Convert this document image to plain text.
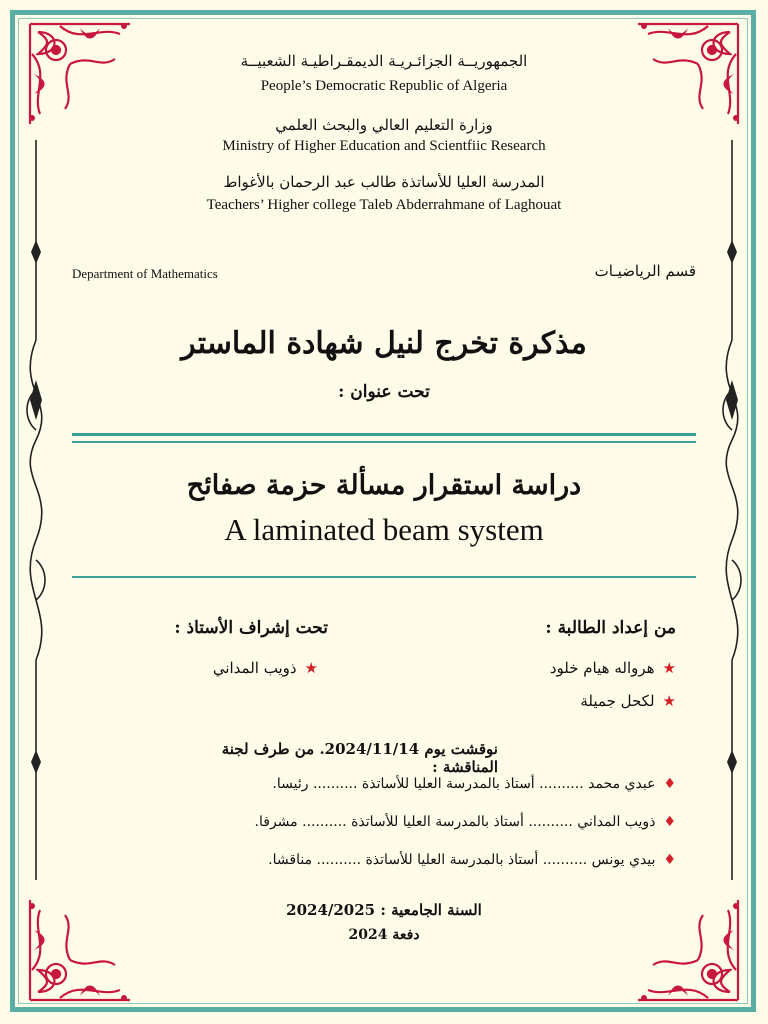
الجمهوريــة الجزائـريـة الديمقـراطيـة الشعبيــة
People’s Democratic Republic of Algeria
وزارة التعليم العالي والبحث العلمي
Ministry of Higher Education and Scientfiic Research
المدرسة العليا للأساتذة طالب عبد الرحمان بالأغواط
Teachers’ Higher college Taleb Abderrahmane of Laghouat
Department of Mathematics	قسم الرياضيـات
مذكرة تخرج لنيل شهادة الماستر
تحت عنوان :
دراسة استقرار مسألة حزمة صفائح
A laminated beam system
من إعداد الطالبة :
★هرواله هيام خلود
★لكحل جميلة
تحت إشراف الأستاذ :
★ذويب المداني
نوقشت يوم 2024/11/14. من طرف لجنة المناقشة :
♦عبدي محمد .......... أستاذ بالمدرسة العليا للأساتذة .......... رئيسا.
♦ذويب المداني .......... أستاذ بالمدرسة العليا للأساتذة .......... مشرفا.
♦بيدي يونس .......... أستاذ بالمدرسة العليا للأساتذة .......... مناقشا.
السنة الجامعية : 2024/2025
دفعة 2024
